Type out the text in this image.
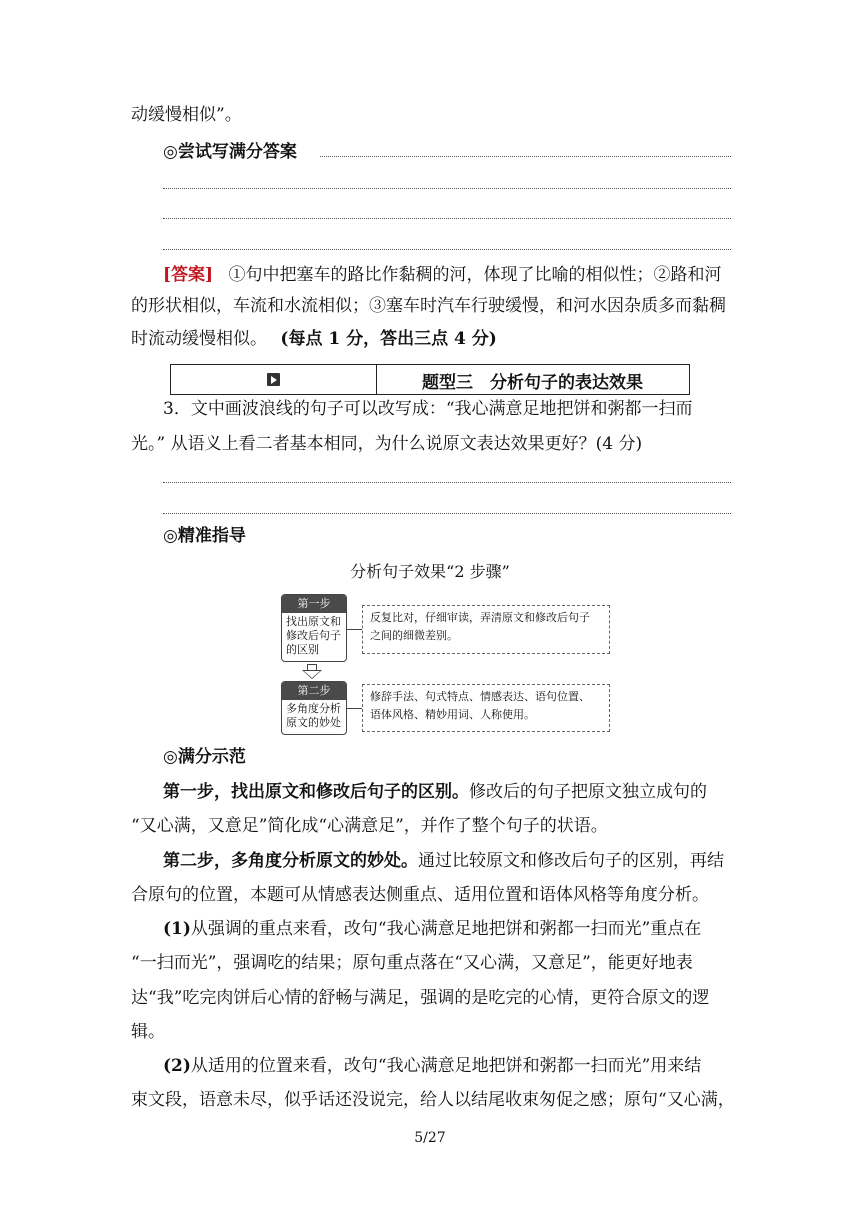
动缓慢相似”。
◎尝试写满分答案
[答案] ①句中把塞车的路比作黏稠的河，体现了比喻的相似性；②路和河
的形状相似，车流和水流相似；③塞车时汽车行驶缓慢，和河水因杂质多而黏稠
时流动缓慢相似。 (每点 1 分，答出三点 4 分)
题型三　分析句子的表达效果
3．文中画波浪线的句子可以改写成：“我心满意足地把饼和粥都一扫而
光。” 从语义上看二者基本相同，为什么说原文表达效果更好？(4 分)
◎精准指导
分析句子效果“2 步骤”
第一步
找出原文和
修改后句子
的区别
反复比对，仔细审读，弄清原文和修改后句子
之间的细微差别。
第二步
多角度分析
原文的妙处
修辞手法、句式特点、情感表达、语句位置、
语体风格、精妙用词、人称使用。
◎满分示范
第一步，找出原文和修改后句子的区别。修改后的句子把原文独立成句的
“又心满，又意足”简化成“心满意足”，并作了整个句子的状语。
第二步，多角度分析原文的妙处。通过比较原文和修改后句子的区别，再结
合原句的位置，本题可从情感表达侧重点、适用位置和语体风格等角度分析。
(1)从强调的重点来看，改句“我心满意足地把饼和粥都一扫而光”重点在
“一扫而光”，强调吃的结果；原句重点落在“又心满，又意足”，能更好地表
达“我”吃完肉饼后心情的舒畅与满足，强调的是吃完的心情，更符合原文的逻
辑。
(2)从适用的位置来看，改句“我心满意足地把饼和粥都一扫而光”用来结
束文段，语意未尽，似乎话还没说完，给人以结尾收束匆促之感；原句“又心满，
5/27
